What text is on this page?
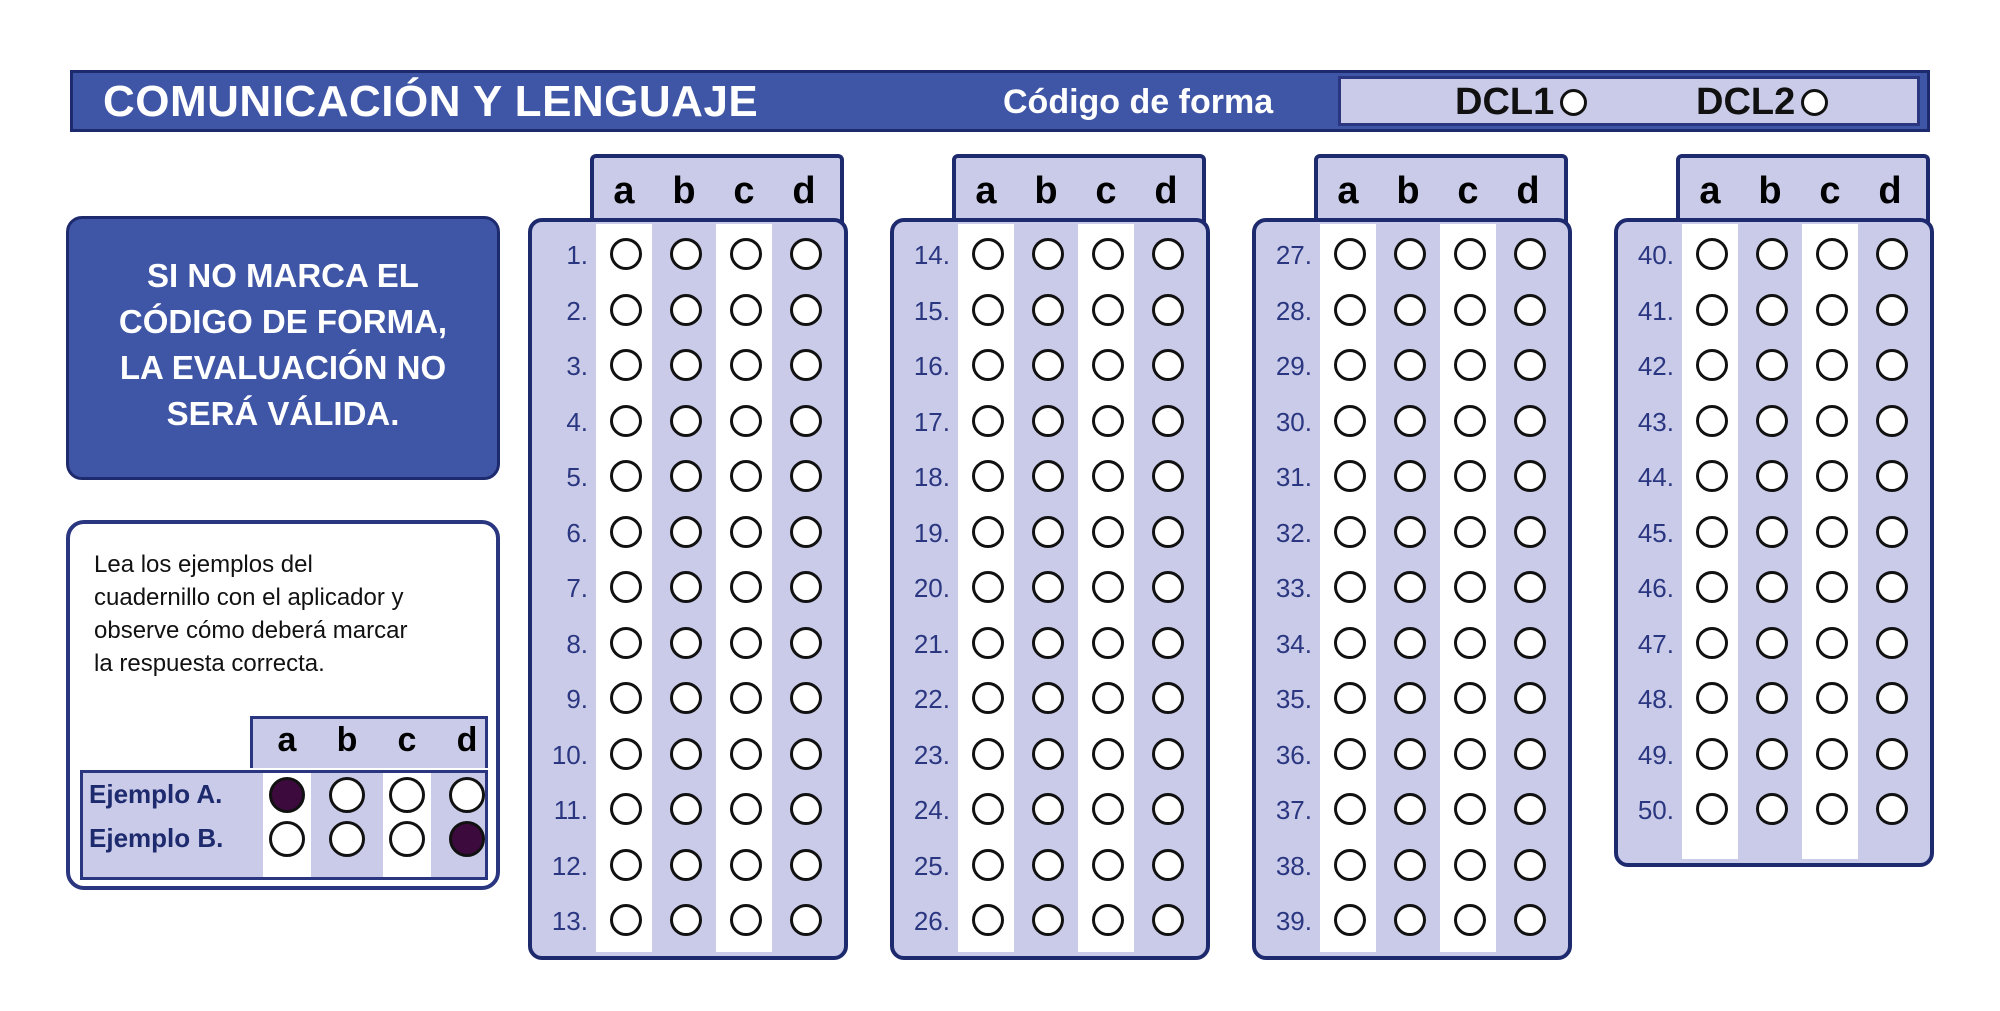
COMUNICACIÓN Y LENGUAJE	Código de forma	DCL1	DCL2
SI NO MARCA EL
CÓDIGO DE FORMA,
LA EVALUACIÓN NO
SERÁ VÁLIDA.
Lea los ejemplos del
cuadernillo con el aplicador y
observe cómo deberá marcar
la respuesta correcta.
a	b	c	d
Ejemplo A.
Ejemplo B.
a b c d
1.
2.
3.
4.
5.
6.
7.
8.
9.
10.
11.
12.
13.
a b c d
14.
15.
16.
17.
18.
19.
20.
21.
22.
23.
24.
25.
26.
a b c d
27.
28.
29.
30.
31.
32.
33.
34.
35.
36.
37.
38.
39.
a b c d
40.
41.
42.
43.
44.
45.
46.
47.
48.
49.
50.
